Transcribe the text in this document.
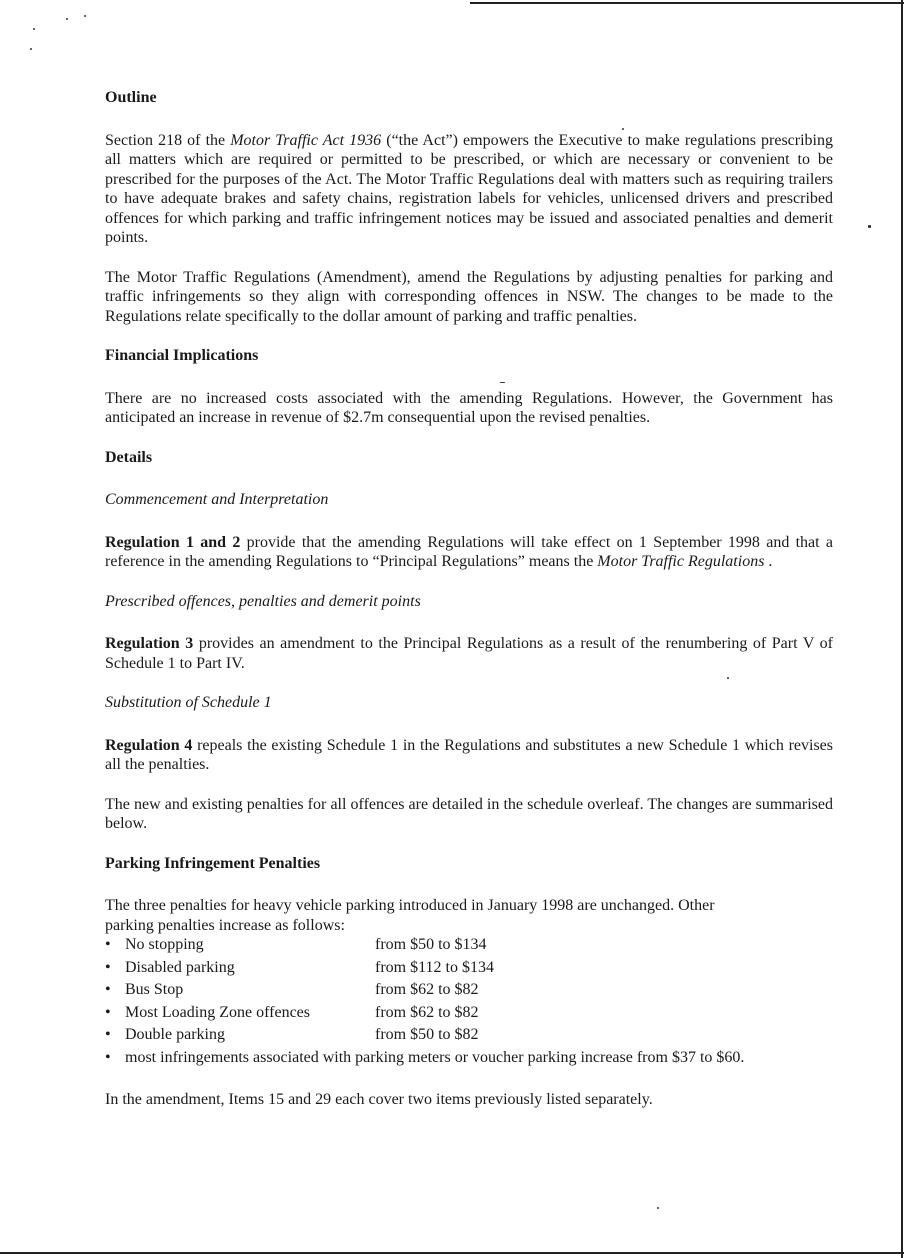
Outline

Section 218 of the Motor Traffic Act 1936 (“the Act”) empowers the Executive to make regulations prescribing all matters which are required or permitted to be prescribed, or which are necessary or convenient to be prescribed for the purposes of the Act. The Motor Traffic Regulations deal with matters such as requiring trailers to have adequate brakes and safety chains, registration labels for vehicles, unlicensed drivers and prescribed offences for which parking and traffic infringement notices may be issued and associated penalties and demerit points.

The Motor Traffic Regulations (Amendment), amend the Regulations by adjusting penalties for parking and traffic infringements so they align with corresponding offences in NSW. The changes to be made to the Regulations relate specifically to the dollar amount of parking and traffic penalties.

Financial Implications

There are no increased costs associated with the amending Regulations. However, the Government has anticipated an increase in revenue of $2.7m consequential upon the revised penalties.

Details
Commencement and Interpretation

Regulation 1 and 2 provide that the amending Regulations will take effect on 1 September 1998 and that a reference in the amending Regulations to “Principal Regulations” means the Motor Traffic Regulations .

Prescribed offences, penalties and demerit points

Regulation 3 provides an amendment to the Principal Regulations as a result of the renumbering of Part V of Schedule 1 to Part IV.

Substitution of Schedule 1

Regulation 4 repeals the existing Schedule 1 in the Regulations and substitutes a new Schedule 1 which revises all the penalties.

The new and existing penalties for all offences are detailed in the schedule overleaf. The changes are summarised below.

Parking Infringement Penalties

The three penalties for heavy vehicle parking introduced in January 1998 are unchanged. Other

parking penalties increase as follows:

• No stopping	from $50 to $134
• Disabled parking	from $112 to $134
• Bus Stop	from $62 to $82
• Most Loading Zone offences	from $62 to $82
• Double parking	from $50 to $82
• most infringements associated with parking meters or voucher parking increase from $37 to $60.

In the amendment, Items 15 and 29 each cover two items previously listed separately.
